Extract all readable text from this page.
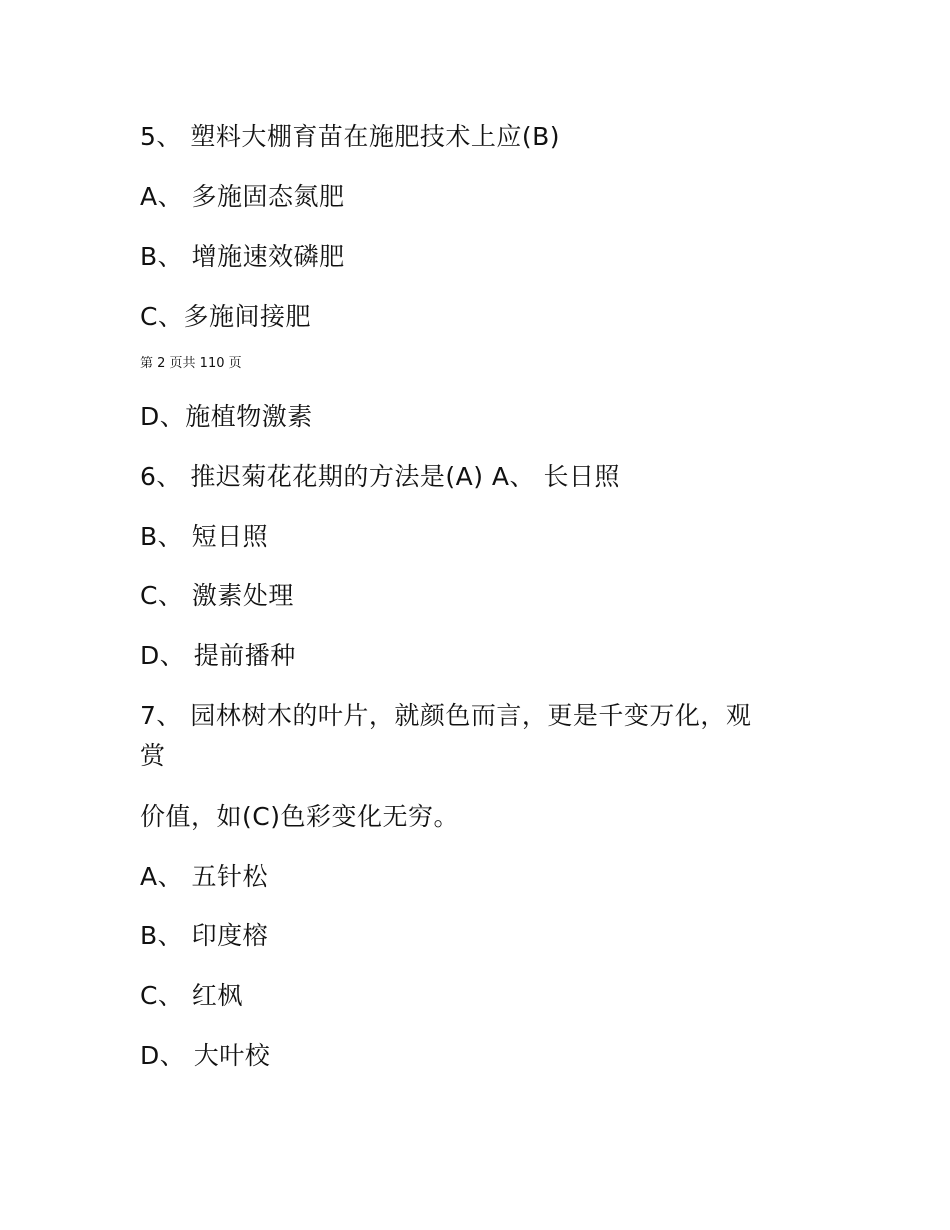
5、 塑料大棚育苗在施肥技术上应(B)
A、 多施固态氮肥
B、 增施速效磷肥
C、多施间接肥
第 2 页共 110 页
D、施植物激素
6、 推迟菊花花期的方法是(A) A、 长日照
B、 短日照
C、 激素处理
D、 提前播种
7、 园林树木的叶片，就颜色而言，更是千变万化，观
赏
价值，如(C)色彩变化无穷。
A、 五针松
B、 印度榕
C、 红枫
D、 大叶校
